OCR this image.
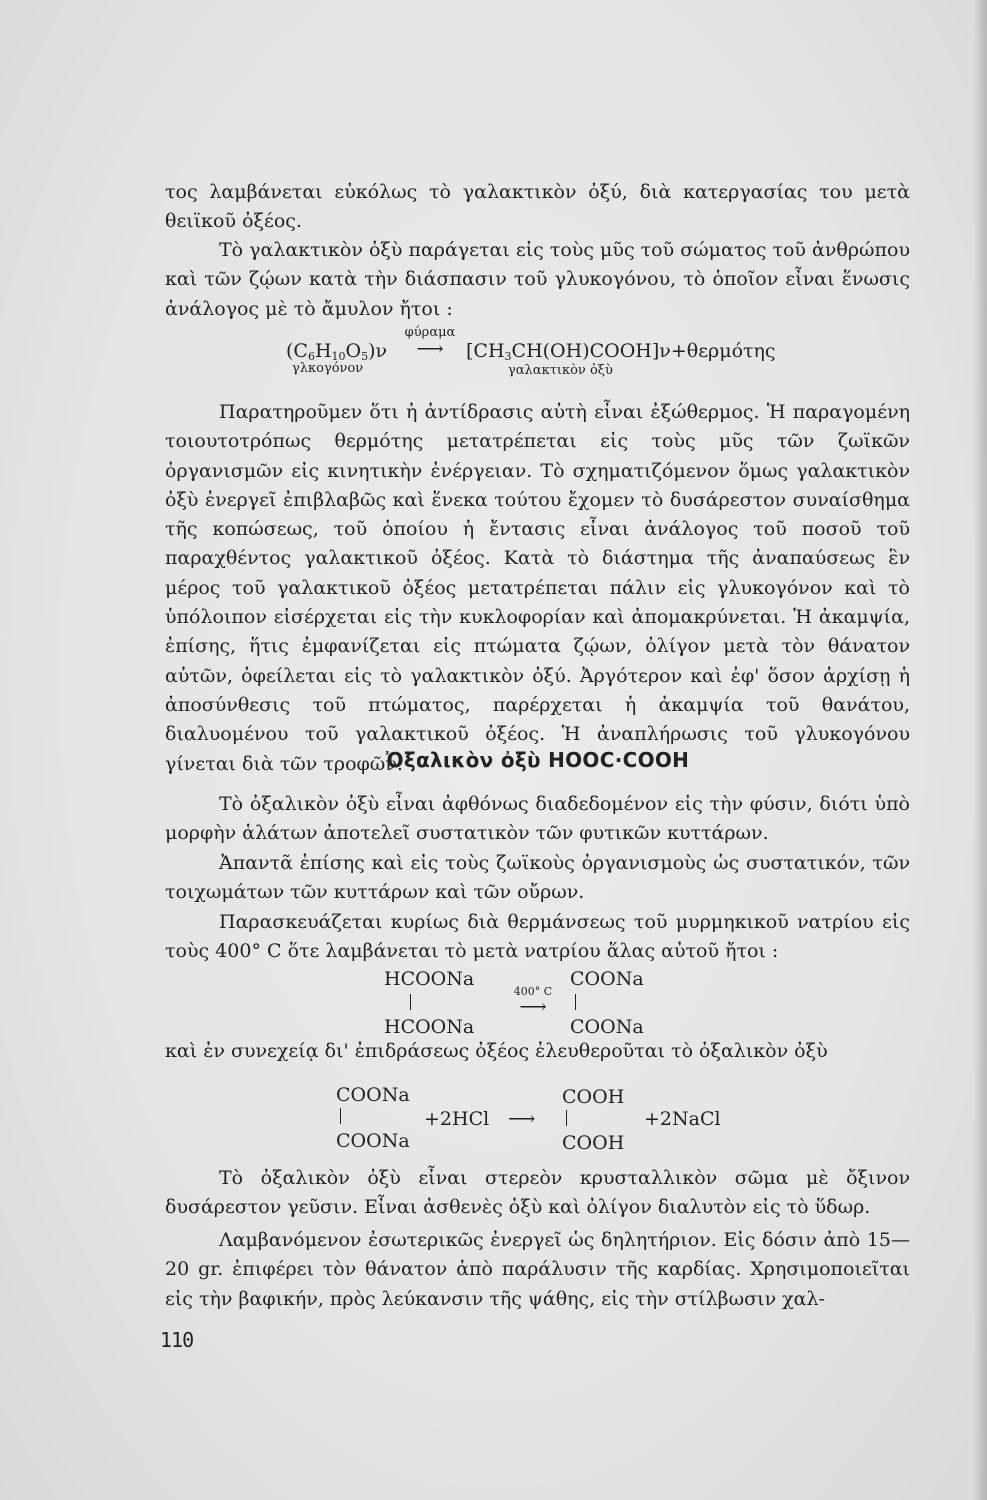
τος λαμβάνεται εὐκόλως τὸ γαλακτικὸν ὀξύ, διὰ κατεργασίας του μετὰ θειϊκοῦ ὀξέος.

Τὸ γαλακτικὸν ὀξὺ παράγεται εἰς τοὺς μῦς τοῦ σώματος τοῦ ἀνθρώπου καὶ τῶν ζῴων κατὰ τὴν διάσπασιν τοῦ γλυκογόνου, τὸ ὁποῖον εἶναι ἕνωσις ἀνάλογος μὲ τὸ ἄμυλον ἤτοι :

$(C_6H_{10}O_5)\nu$
γλκογόνον
φύραμα
⟶	$[CH_3CH(OH)COOH]\nu+\theta\varepsilon\rho\mu ό\tau\eta\varsigma$
γαλακτικὸν ὀξὺ

Παρατηροῦμεν ὅτι ἡ ἀντίδρασις αὐτὴ εἶναι ἐξώθερμος. Ἡ παραγομένη τοιουτοτρόπως θερμότης μετατρέπεται εἰς τοὺς μῦς τῶν ζωϊκῶν ὀργανισμῶν εἰς κινητικὴν ἐνέργειαν. Τὸ σχηματιζόμενον ὅμως γαλακτικὸν ὀξὺ ἐνεργεῖ ἐπιβλαβῶς καὶ ἕνεκα τούτου ἔχομεν τὸ δυσάρεστον συναίσθημα τῆς κοπώσεως, τοῦ ὁποίου ἡ ἔντασις εἶναι ἀνάλογος τοῦ ποσοῦ τοῦ παραχθέντος γαλακτικοῦ ὀξέος. Κατὰ τὸ διάστημα τῆς ἀναπαύσεως ἓν μέρος τοῦ γαλακτικοῦ ὀξέος μετατρέπεται πάλιν εἰς γλυκογόνον καὶ τὸ ὑπόλοιπον εἰσέρχεται εἰς τὴν κυκλοφορίαν καὶ ἀπομακρύνεται. Ἡ ἀκαμψία, ἐπίσης, ἥτις ἐμφανίζεται εἰς πτώματα ζῴων, ὀλίγον μετὰ τὸν θάνατον αὐτῶν, ὀφείλεται εἰς τὸ γαλακτικὸν ὀξύ. Ἀργότερον καὶ ἐφ' ὅσον ἀρχίσῃ ἡ ἀποσύνθεσις τοῦ πτώματος, παρέρχεται ἡ ἀκαμψία τοῦ θανάτου, διαλυομένου τοῦ γαλακτικοῦ ὀξέος. Ἡ ἀναπλήρωσις τοῦ γλυκογόνου γίνεται διὰ τῶν τροφῶν.

Ὀξαλικὸν ὀξὺ HOOC·COOH

Τὸ ὀξαλικὸν ὀξὺ εἶναι ἀφθόνως διαδεδομένον εἰς τὴν φύσιν, διότι ὑπὸ μορφὴν ἁλάτων ἀποτελεῖ συστατικὸν τῶν φυτικῶν κυττάρων.

Ἀπαντᾶ ἐπίσης καὶ εἰς τοὺς ζωϊκοὺς ὀργανισμοὺς ὡς συστατικόν, τῶν τοιχωμάτων τῶν κυττάρων καὶ τῶν οὔρων.

Παρασκευάζεται κυρίως διὰ θερμάνσεως τοῦ μυρμηκικοῦ νατρίου εἰς τοὺς 400° C ὅτε λαμβάνεται τὸ μετὰ νατρίου ἅλας αὐτοῦ ἤτοι :

HCOONa
HCOONa
400° C
⟶
COONa
COONa

καὶ ἐν συνεχείᾳ δι' ἐπιδράσεως ὀξέος ἐλευθεροῦται τὸ ὀξαλικὸν ὀξὺ

COONa
COONa
+2HCl ⟶
COOH
COOH
+2NaCl

Τὸ ὀξαλικὸν ὀξὺ εἶναι στερεὸν κρυσταλλικὸν σῶμα μὲ ὄξινον δυσάρεστον γεῦσιν. Εἶναι ἀσθενὲς ὀξὺ καὶ ὀλίγον διαλυτὸν εἰς τὸ ὕδωρ.

Λαμβανόμενον ἐσωτερικῶς ἐνεργεῖ ὡς δηλητήριον. Εἰς δόσιν ἀπὸ 15—20 gr. ἐπιφέρει τὸν θάνατον ἀπὸ παράλυσιν τῆς καρδίας. Χρησιμοποιεῖται εἰς τὴν βαφικήν, πρὸς λεύκανσιν τῆς ψάθης, εἰς τὴν στίλβωσιν χαλ-

110
